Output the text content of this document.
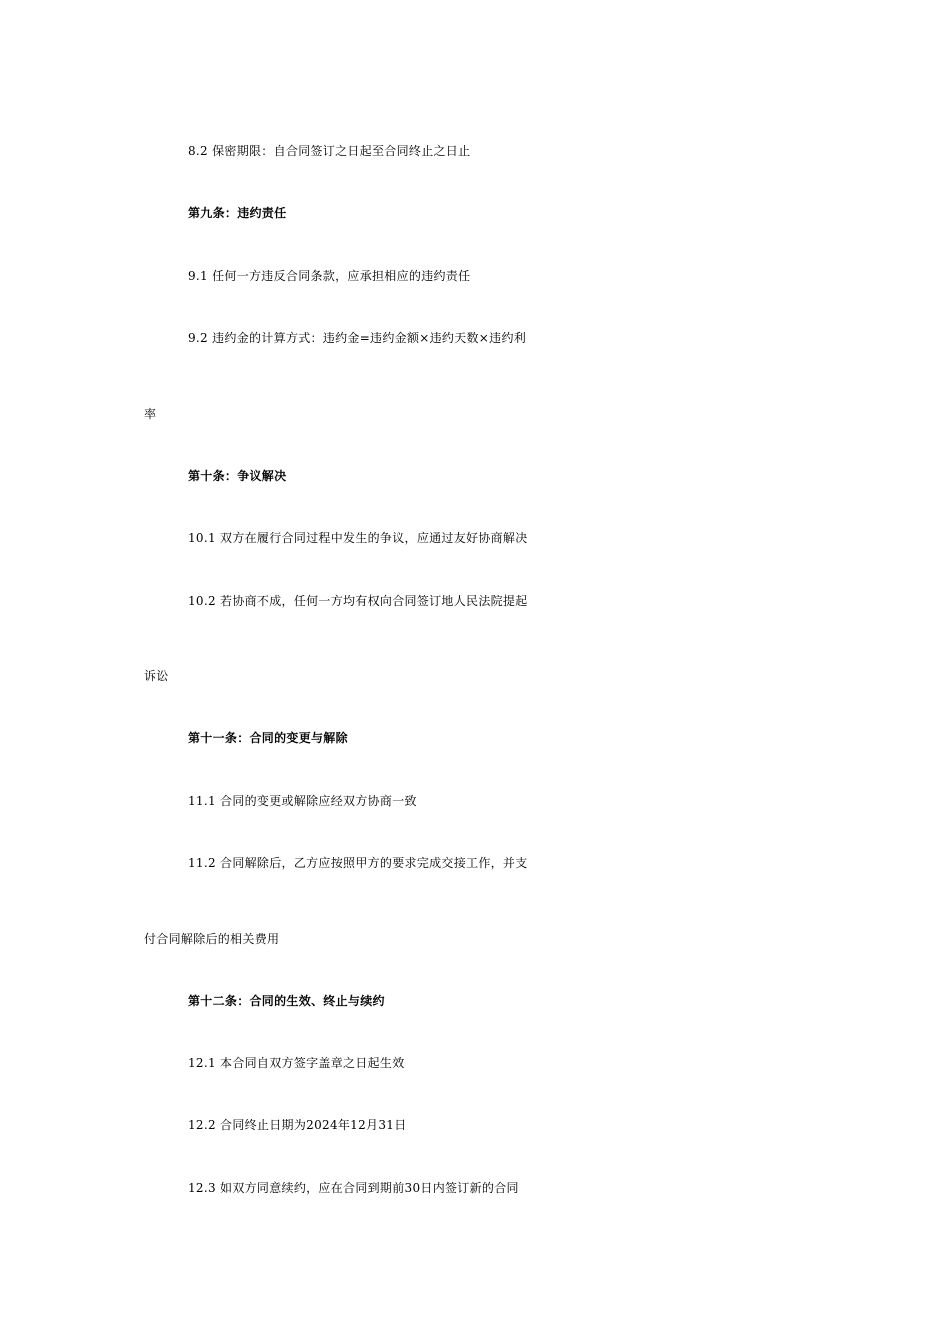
8.2 保密期限：自合同签订之日起至合同终止之日止
第九条：违约责任
9.1 任何一方违反合同条款，应承担相应的违约责任
9.2 违约金的计算方式：违约金=违约金额×违约天数×违约利
率
第十条：争议解决
10.1 双方在履行合同过程中发生的争议，应通过友好协商解决
10.2 若协商不成，任何一方均有权向合同签订地人民法院提起
诉讼
第十一条：合同的变更与解除
11.1 合同的变更或解除应经双方协商一致
11.2 合同解除后，乙方应按照甲方的要求完成交接工作，并支
付合同解除后的相关费用
第十二条：合同的生效、终止与续约
12.1 本合同自双方签字盖章之日起生效
12.2 合同终止日期为2024年12月31日
12.3 如双方同意续约，应在合同到期前30日内签订新的合同
